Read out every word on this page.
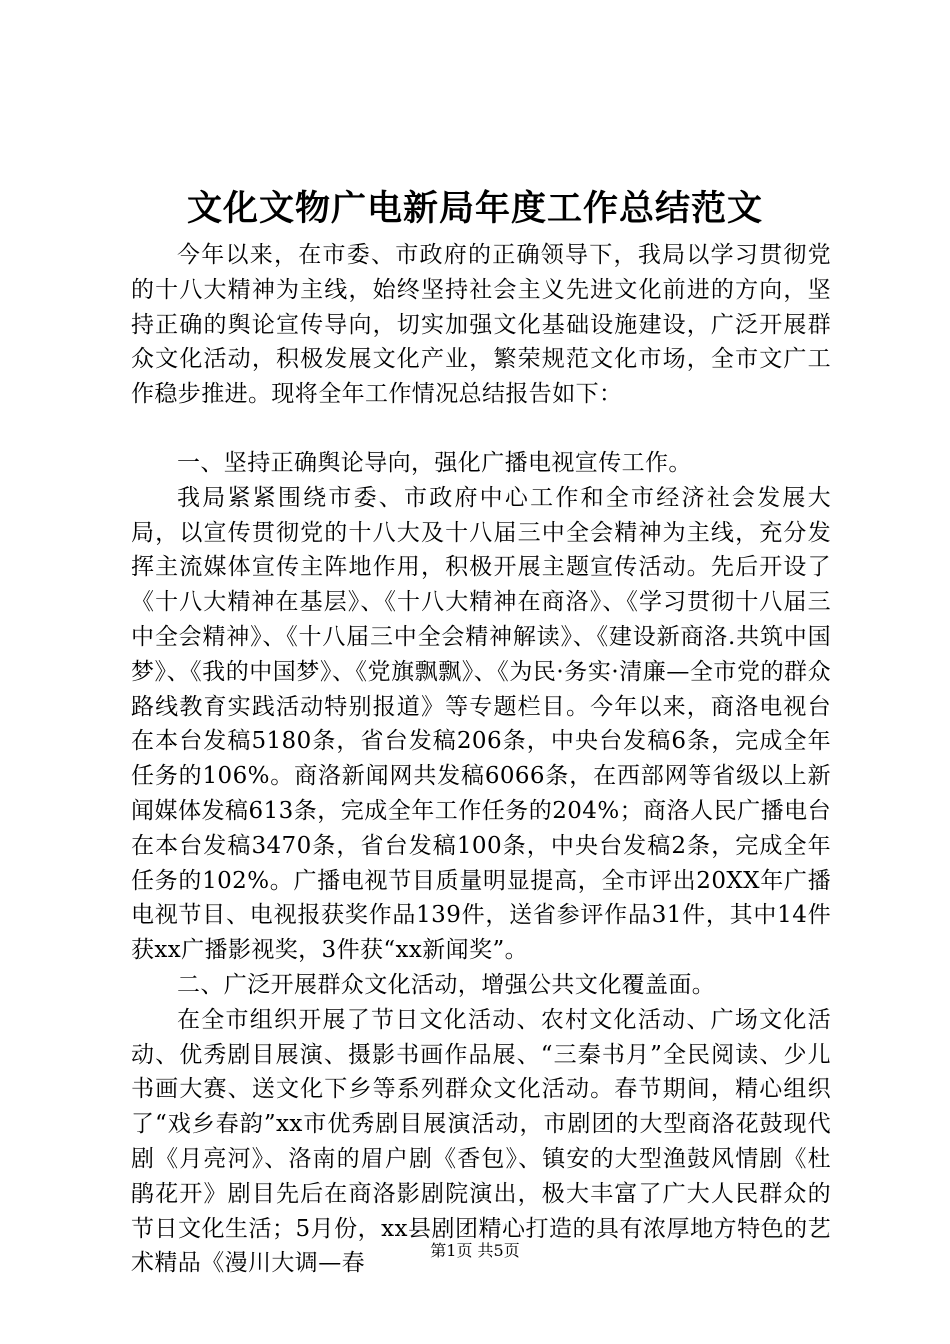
文化文物广电新局年度工作总结范文

今年以来，在市委、市政府的正确领导下，我局以学习贯彻党的十八大精神为主线，始终坚持社会主义先进文化前进的方向，坚持正确的舆论宣传导向，切实加强文化基础设施建设，广泛开展群众文化活动，积极发展文化产业，繁荣规范文化市场，全市文广工作稳步推进。现将全年工作情况总结报告如下：

一、坚持正确舆论导向，强化广播电视宣传工作。

我局紧紧围绕市委、市政府中心工作和全市经济社会发展大局，以宣传贯彻党的十八大及十八届三中全会精神为主线，充分发挥主流媒体宣传主阵地作用，积极开展主题宣传活动。先后开设了《十八大精神在基层》、《十八大精神在商洛》、《学习贯彻十八届三中全会精神》、《十八届三中全会精神解读》、《建设新商洛.共筑中国梦》、《我的中国梦》、《党旗飘飘》、《为民·务实·清廉—全市党的群众路线教育实践活动特别报道》等专题栏目。今年以来，商洛电视台在本台发稿5180条，省台发稿206条，中央台发稿6条，完成全年任务的106%。商洛新闻网共发稿6066条，在西部网等省级以上新闻媒体发稿613条，完成全年工作任务的204%；商洛人民广播电台在本台发稿3470条，省台发稿100条，中央台发稿2条，完成全年任务的102%。广播电视节目质量明显提高，全市评出20XX年广播电视节目、电视报获奖作品139件，送省参评作品31件，其中14件获xx广播影视奖，3件获“xx新闻奖”。

二、广泛开展群众文化活动，增强公共文化覆盖面。

在全市组织开展了节日文化活动、农村文化活动、广场文化活动、优秀剧目展演、摄影书画作品展、“三秦书月”全民阅读、少儿书画大赛、送文化下乡等系列群众文化活动。春节期间，精心组织了“戏乡春韵”xx市优秀剧目展演活动，市剧团的大型商洛花鼓现代剧《月亮河》、洛南的眉户剧《香包》、镇安的大型渔鼓风情剧《杜鹃花开》剧目先后在商洛影剧院演出，极大丰富了广大人民群众的节日文化生活；5月份，xx县剧团精心打造的具有浓厚地方特色的艺术精品《漫川大调—春	第1页 共5页
